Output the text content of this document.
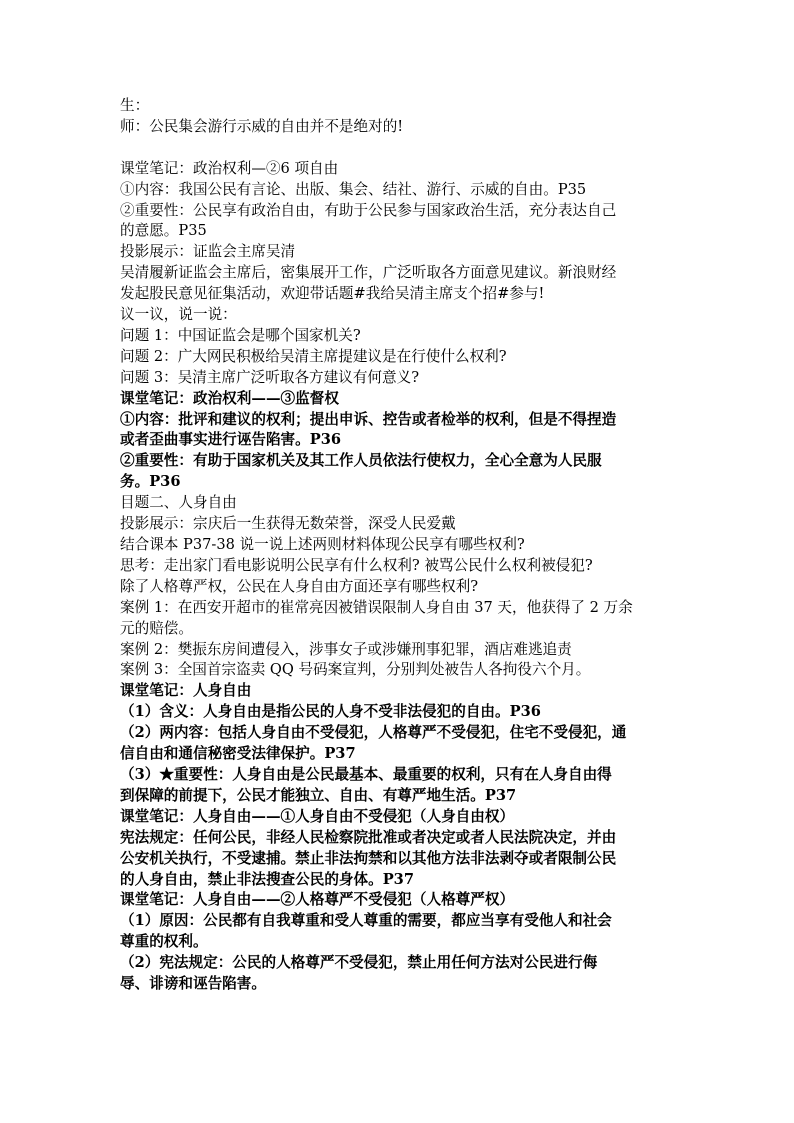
生：

师：公民集会游行示威的自由并不是绝对的!

课堂笔记：政治权利—②6 项自由

①内容：我国公民有言论、出版、集会、结社、游行、示威的自由。P35

②重要性：公民享有政治自由，有助于公民参与国家政治生活，充分表达自己

的意愿。P35

投影展示：证监会主席吴清

吴清履新证监会主席后，密集展开工作，广泛听取各方面意见建议。新浪财经

发起股民意见征集活动，欢迎带话题#我给吴清主席支个招#参与!

议一议，说一说：

问题 1：中国证监会是哪个国家机关?

问题 2：广大网民积极给吴清主席提建议是在行使什么权利?

问题 3：吴清主席广泛听取各方建议有何意义?

课堂笔记：政治权利——③监督权

①内容：批评和建议的权利；提出申诉、控告或者检举的权利，但是不得捏造

或者歪曲事实进行诬告陷害。P36

②重要性：有助于国家机关及其工作人员依法行使权力，全心全意为人民服

务。P36

目题二、人身自由

投影展示：宗庆后一生获得无数荣誉，深受人民爱戴

结合课本 P37-38 说一说上述两则材料体现公民享有哪些权利?

思考：走出家门看电影说明公民享有什么权利? 被骂公民什么权利被侵犯?

除了人格尊严权，公民在人身自由方面还享有哪些权利?

案例 1：在西安开超市的崔常亮因被错误限制人身自由 37 天，他获得了 2 万余

元的赔偿。

案例 2：樊振东房间遭侵入，涉事女子或涉嫌刑事犯罪，酒店难逃追责

案例 3：全国首宗盗卖 QQ 号码案宣判，分别判处被告人各拘役六个月。

课堂笔记：人身自由

（1）含义：人身自由是指公民的人身不受非法侵犯的自由。P36

（2）两内容：包括人身自由不受侵犯，人格尊严不受侵犯，住宅不受侵犯，通

信自由和通信秘密受法律保护。P37

（3）★重要性：人身自由是公民最基本、最重要的权利，只有在人身自由得

到保障的前提下，公民才能独立、自由、有尊严地生活。P37

课堂笔记：人身自由——①人身自由不受侵犯（人身自由权）

宪法规定：任何公民，非经人民检察院批准或者决定或者人民法院决定，并由

公安机关执行，不受逮捕。禁止非法拘禁和以其他方法非法剥夺或者限制公民

的人身自由，禁止非法搜查公民的身体。P37

课堂笔记：人身自由——②人格尊严不受侵犯（人格尊严权）

（1）原因：公民都有自我尊重和受人尊重的需要，都应当享有受他人和社会

尊重的权利。

（2）宪法规定：公民的人格尊严不受侵犯，禁止用任何方法对公民进行侮

辱、诽谤和诬告陷害。
